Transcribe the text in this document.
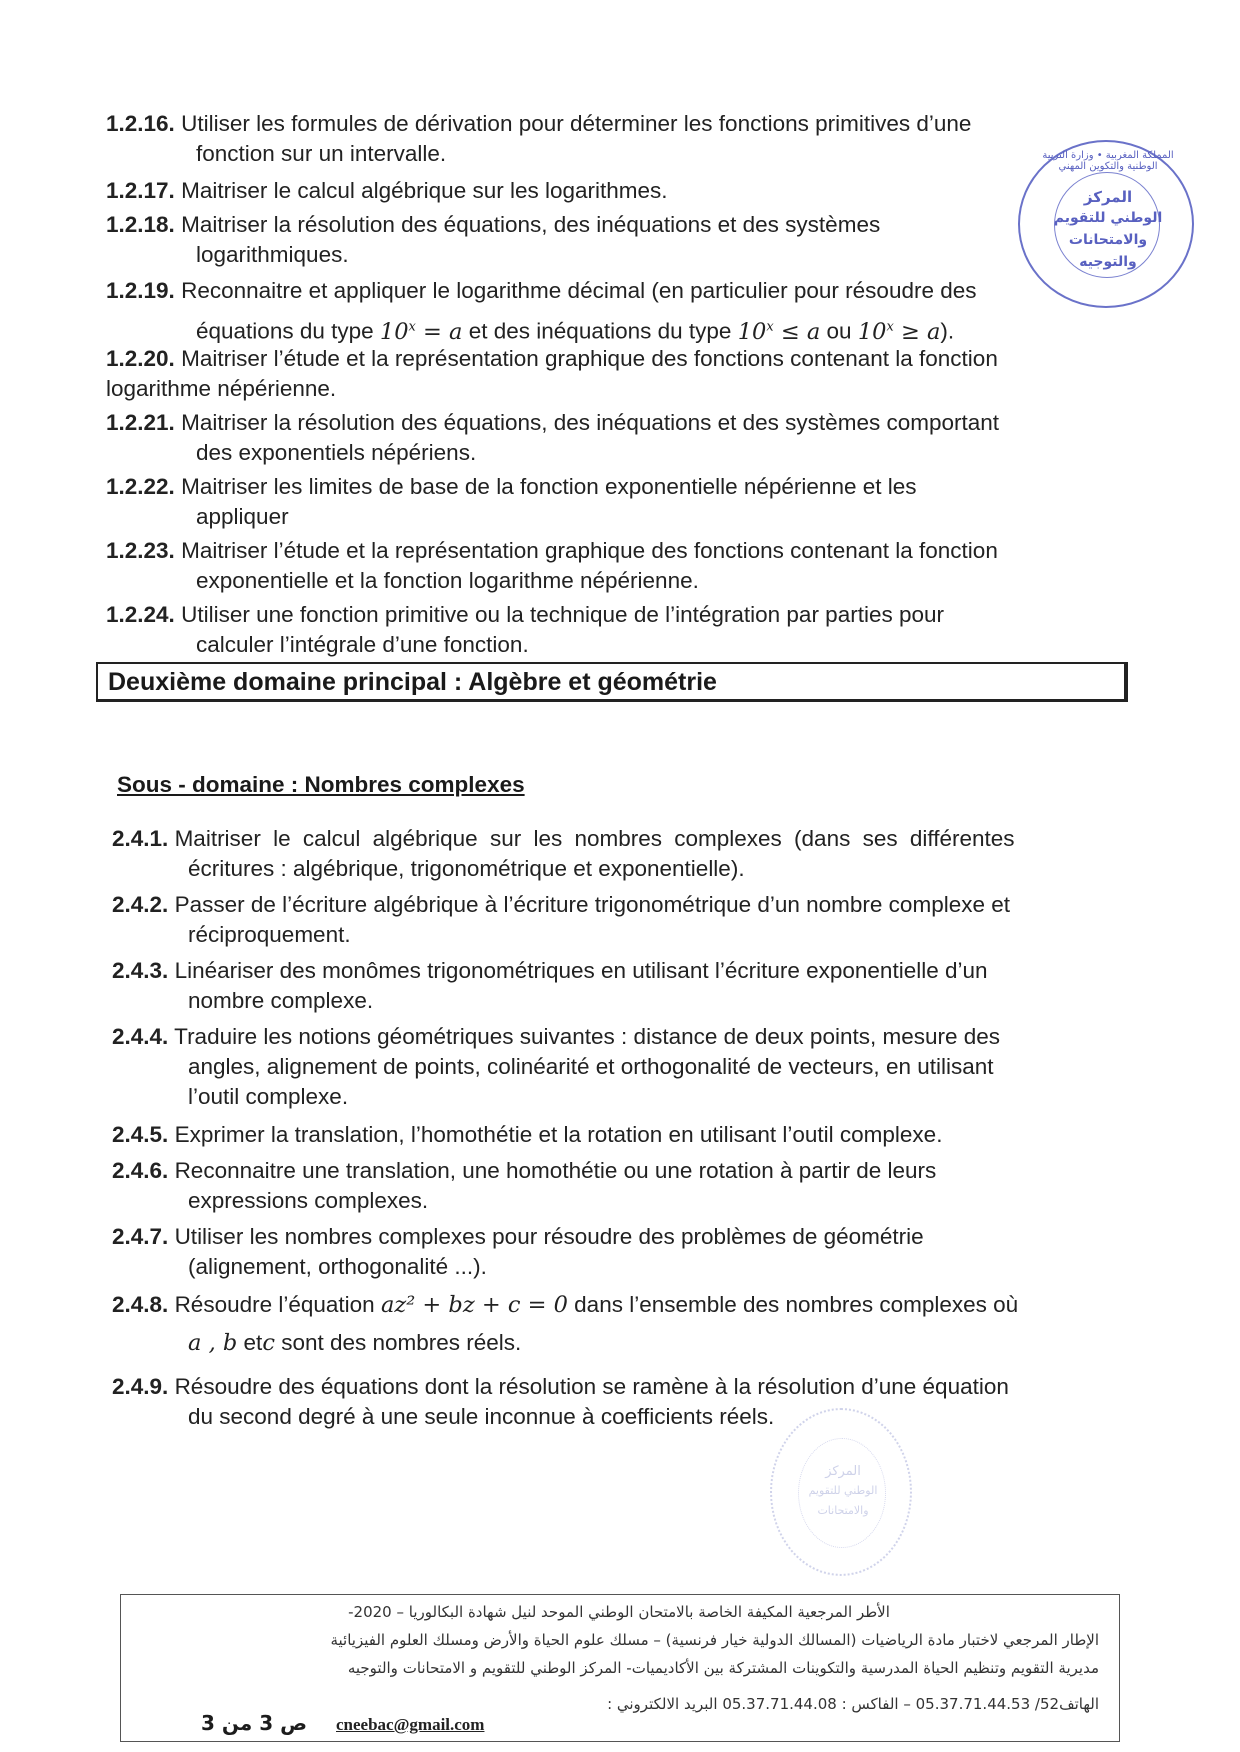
1.2.16. Utiliser les formules de dérivation pour déterminer les fonctions primitives d’une
fonction sur un intervalle.
1.2.17. Maitriser le calcul algébrique sur les logarithmes.
1.2.18. Maitriser la résolution des équations, des inéquations et des systèmes
logarithmiques.
1.2.19. Reconnaitre et appliquer le logarithme décimal (en particulier pour résoudre des
équations du type $10^x = a$ et des inéquations du type $10^x \le a$ ou $10^x \ge a$).
1.2.20. Maitriser l’étude et la représentation graphique des fonctions contenant la fonction
logarithme népérienne.
1.2.21. Maitriser la résolution des équations, des inéquations et des systèmes comportant
des exponentiels népériens.
1.2.22. Maitriser les limites de base de la fonction exponentielle népérienne et les
appliquer
1.2.23. Maitriser l’étude et la représentation graphique des fonctions contenant la fonction
exponentielle et la fonction logarithme népérienne.
1.2.24. Utiliser une fonction primitive ou la technique de l’intégration par parties pour
calculer l’intégrale d’une fonction.
Deuxième domaine principal : Algèbre et géométrie
Sous - domaine : Nombres complexes
2.4.1. Maitriser le calcul algébrique sur les nombres complexes (dans ses différentes
écritures : algébrique, trigonométrique et exponentielle).
2.4.2. Passer de l’écriture algébrique à l’écriture trigonométrique d’un nombre complexe et
réciproquement.
2.4.3. Linéariser des monômes trigonométriques en utilisant l’écriture exponentielle d’un
nombre complexe.
2.4.4. Traduire les notions géométriques suivantes : distance de deux points, mesure des
angles, alignement de points, colinéarité et orthogonalité de vecteurs, en utilisant
l’outil complexe.
2.4.5. Exprimer la translation, l’homothétie et la rotation en utilisant l’outil complexe.
2.4.6. Reconnaitre une translation, une homothétie ou une rotation à partir de leurs
expressions complexes.
2.4.7. Utiliser les nombres complexes pour résoudre des problèmes de géométrie
(alignement, orthogonalité ...).
2.4.8. Résoudre l’équation az² + bz + c = 0 dans l’ensemble des nombres complexes où
a , b etc sont des nombres réels.
2.4.9. Résoudre des équations dont la résolution se ramène à la résolution d’une équation
du second degré à une seule inconnue à coefficients réels.
المملكة المغربية • وزارة التربية الوطنية والتكوين المهني
المركز
الوطني للتقويم
والامتحانات
والتوجيه
المركز
الوطني للتقويم
والامتحانات
الأطر المرجعية المكيفة الخاصة بالامتحان الوطني الموحد لنيل شهادة البكالوريا – 2020-
الإطار المرجعي لاختبار مادة الرياضيات (المسالك الدولية خيار فرنسية) – مسلك علوم الحياة والأرض ومسلك العلوم الفيزيائية
مديرية التقويم وتنظيم الحياة المدرسية والتكوينات المشتركة بين الأكاديميات- المركز الوطني للتقويم و الامتحانات والتوجيه
الهاتف52/ 05.37.71.44.53 – الفاكس : 05.37.71.44.08 البريد الالكتروني :
cneebac@gmail.com
ص 3 من 3
